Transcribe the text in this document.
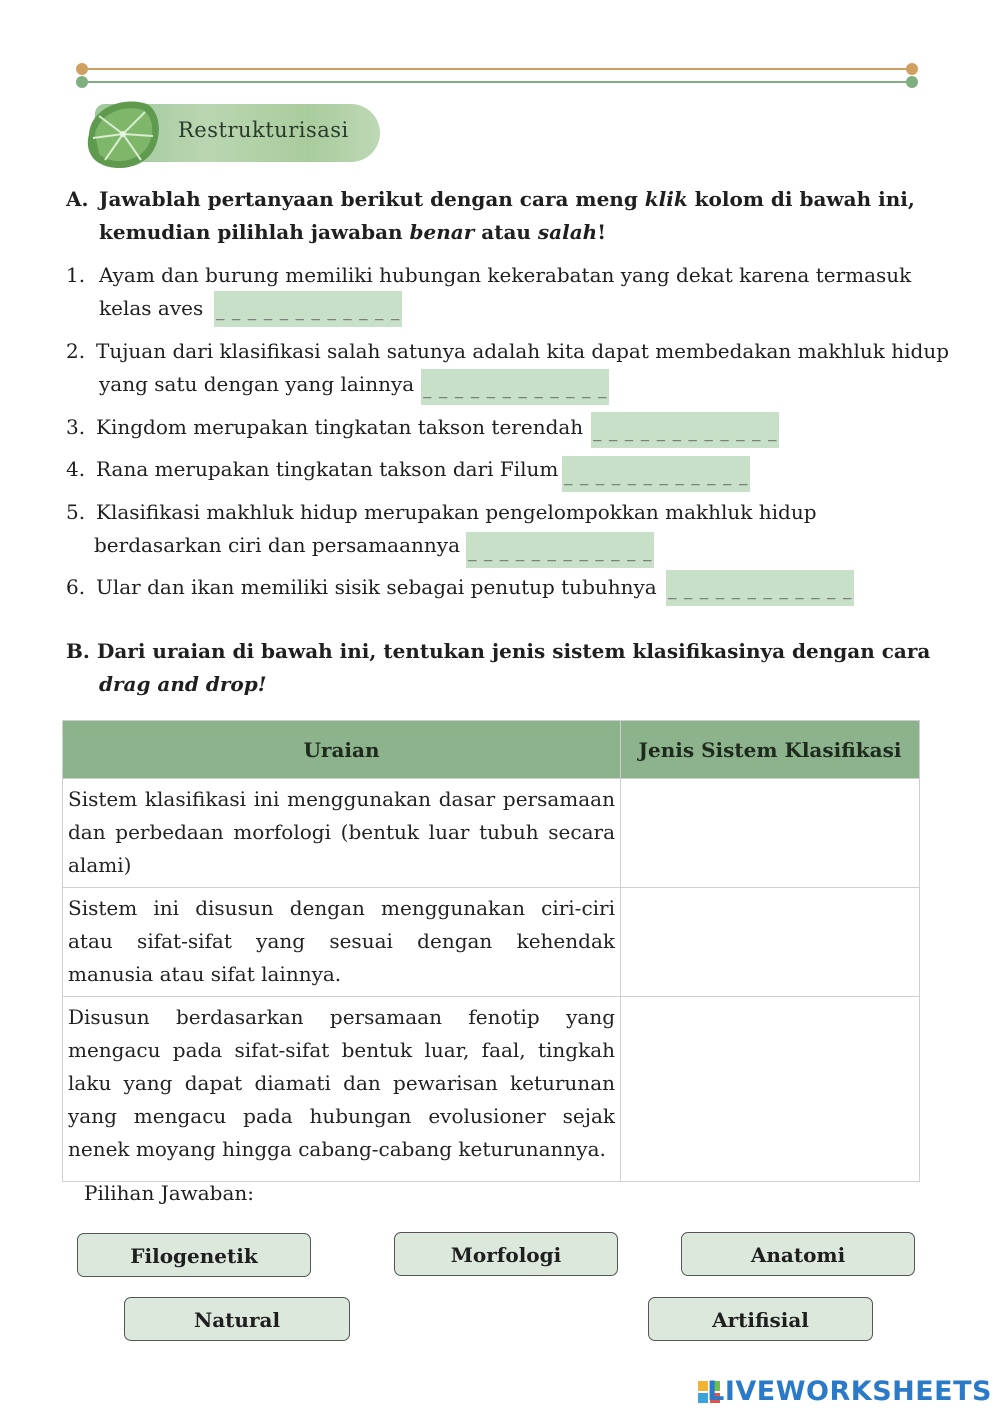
Restrukturisasi
A. Jawablah pertanyaan berikut dengan cara meng klik kolom di bawah ini,
kemudian pilihlah jawaban benar atau salah!
1. Ayam dan burung memiliki hubungan kekerabatan yang dekat karena termasuk
kelas aves _ _ _ _ _ _ _ _ _ _ _ _
2. Tujuan dari klasifikasi salah satunya adalah kita dapat membedakan makhluk hidup
yang satu dengan yang lainnya _ _ _ _ _ _ _ _ _ _ _ _
3. Kingdom merupakan tingkatan takson terendah _ _ _ _ _ _ _ _ _ _ _ _
4. Rana merupakan tingkatan takson dari Filum _ _ _ _ _ _ _ _ _ _ _ _
5. Klasifikasi makhluk hidup merupakan pengelompokkan makhluk hidup
berdasarkan ciri dan persamaannya _ _ _ _ _ _ _ _ _ _ _ _
6. Ular dan ikan memiliki sisik sebagai penutup tubuhnya _ _ _ _ _ _ _ _ _ _ _ _
B. Dari uraian di bawah ini, tentukan jenis sistem klasifikasinya dengan cara
drag and drop!
Uraian	Jenis Sistem Klasifikasi
Sistem klasifikasi ini menggunakan dasar persamaan dan perbedaan morfologi (bentuk luar tubuh secara alami)	
Sistem ini disusun dengan menggunakan ciri-ciri atau sifat-sifat yang sesuai dengan kehendak manusia atau sifat lainnya.	
Disusun berdasarkan persamaan fenotip yang mengacu pada sifat-sifat bentuk luar, faal, tingkah laku yang dapat diamati dan pewarisan keturunan yang mengacu pada hubungan evolusioner sejak nenek moyang hingga cabang-cabang keturunannya.	
Pilihan Jawaban:
Filogenetik	Morfologi	Anatomi
Natural	Artifisial
LIVEWORKSHEETS
